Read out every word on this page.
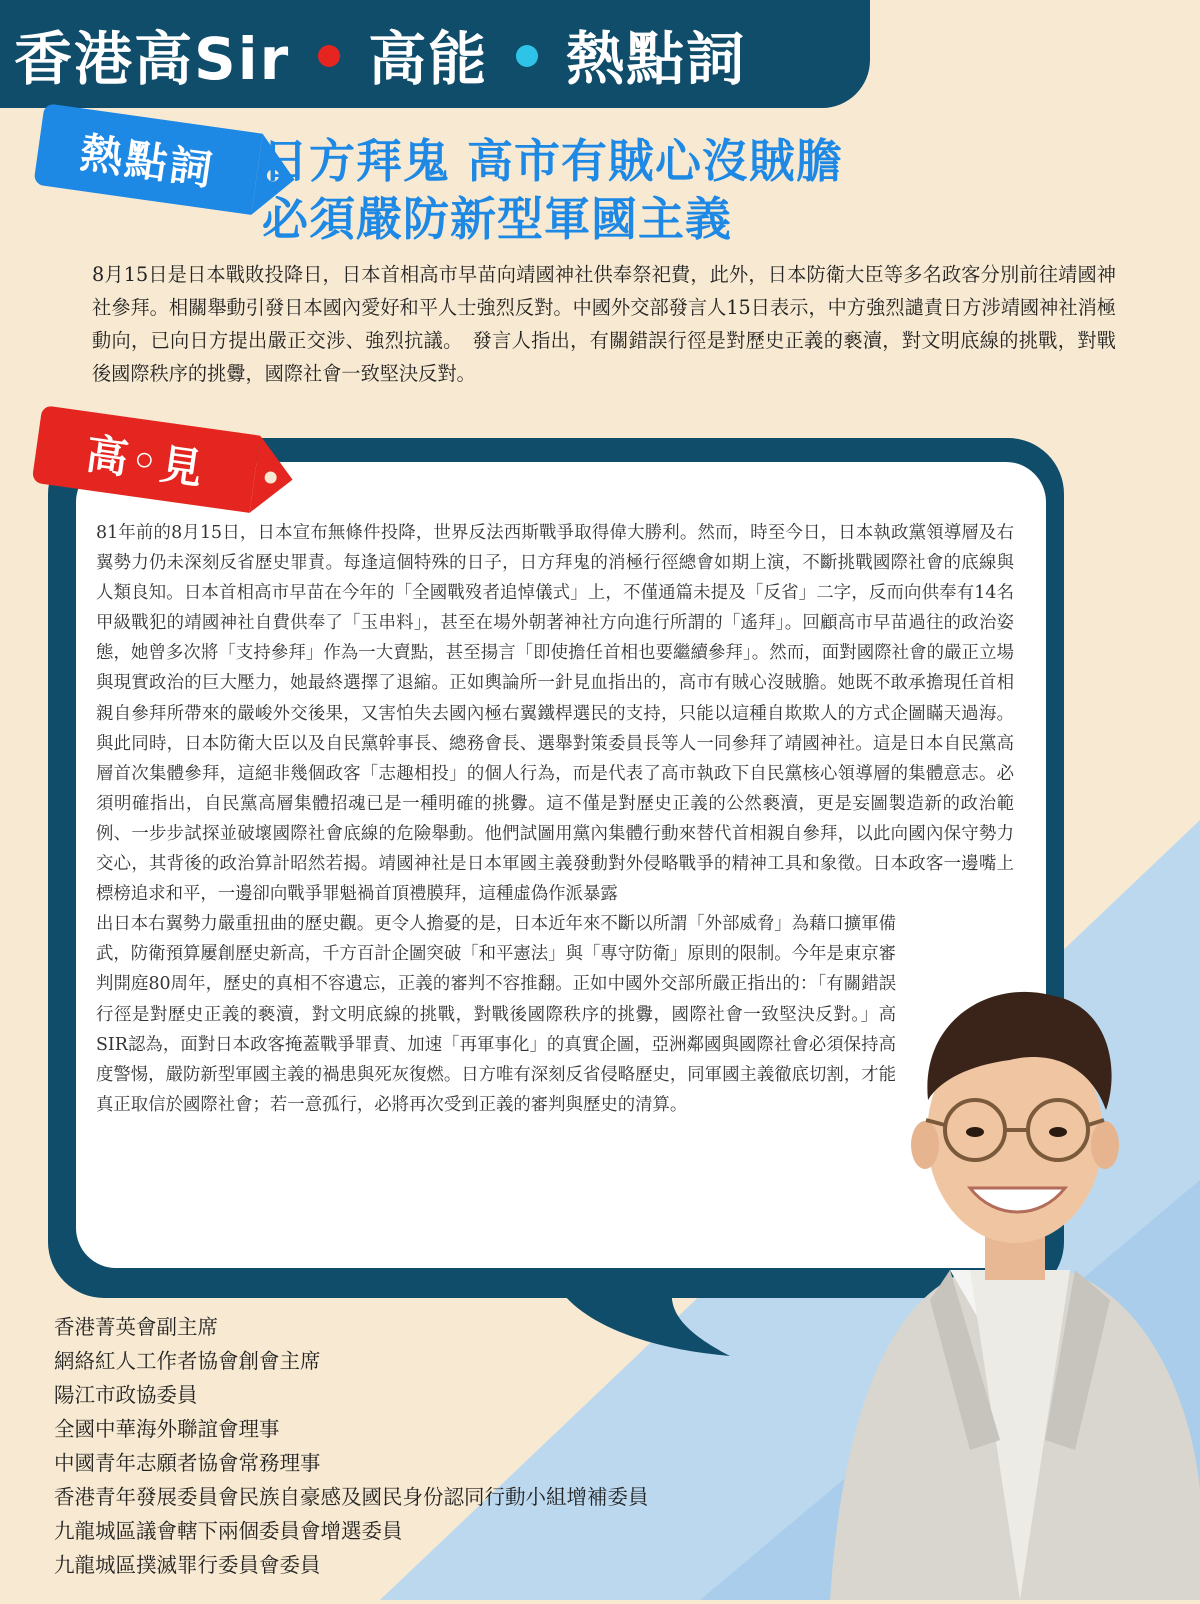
香港高Sir 高能 熱點詞
熱點詞 日方拜鬼 高市有賊心沒賊膽
必須嚴防新型軍國主義
8月15日是日本戰敗投降日，日本首相高市早苗向靖國神社供奉祭祀費，此外，日本防衛大臣等多名政客分別前往靖國神社參拜。相關舉動引發日本國內愛好和平人士強烈反對。中國外交部發言人15日表示，中方強烈譴責日方涉靖國神社消極動向，已向日方提出嚴正交涉、強烈抗議。　發言人指出，有關錯誤行徑是對歷史正義的褻瀆，對文明底線的挑戰，對戰後國際秩序的挑釁，國際社會一致堅決反對。
高◦見
81年前的8月15日，日本宣布無條件投降，世界反法西斯戰爭取得偉大勝利。然而，時至今日，日本執政黨領導層及右翼勢力仍未深刻反省歷史罪責。每逢這個特殊的日子，日方拜鬼的消極行徑總會如期上演，不斷挑戰國際社會的底線與人類良知。日本首相高市早苗在今年的「全國戰歿者追悼儀式」上，不僅通篇未提及「反省」二字，反而向供奉有14名甲級戰犯的靖國神社自費供奉了「玉串料」，甚至在場外朝著神社方向進行所謂的「遙拜」。回顧高市早苗過往的政治姿態，她曾多次將「支持參拜」作為一大賣點，甚至揚言「即使擔任首相也要繼續參拜」。然而，面對國際社會的嚴正立場與現實政治的巨大壓力，她最終選擇了退縮。正如輿論所一針見血指出的，高市有賊心沒賊膽。她既不敢承擔現任首相親自參拜所帶來的嚴峻外交後果，又害怕失去國內極右翼鐵桿選民的支持，只能以這種自欺欺人的方式企圖瞞天過海。與此同時，日本防衛大臣以及自民黨幹事長、總務會長、選舉對策委員長等人一同參拜了靖國神社。這是日本自民黨高層首次集體參拜，這絕非幾個政客「志趣相投」的個人行為，而是代表了高市執政下自民黨核心領導層的集體意志。必須明確指出，自民黨高層集體招魂已是一種明確的挑釁。這不僅是對歷史正義的公然褻瀆，更是妄圖製造新的政治範例、一步步試探並破壞國際社會底線的危險舉動。他們試圖用黨內集體行動來替代首相親自參拜，以此向國內保守勢力交心，其背後的政治算計昭然若揭。靖國神社是日本軍國主義發動對外侵略戰爭的精神工具和象徵。日本政客一邊嘴上標榜追求和平，一邊卻向戰爭罪魁禍首頂禮膜拜，這種虛偽作派暴露
出日本右翼勢力嚴重扭曲的歷史觀。更令人擔憂的是，日本近年來不斷以所謂「外部威脅」為藉口擴軍備武，防衛預算屢創歷史新高，千方百計企圖突破「和平憲法」與「專守防衛」原則的限制。今年是東京審判開庭80周年，歷史的真相不容遺忘，正義的審判不容推翻。正如中國外交部所嚴正指出的：「有關錯誤行徑是對歷史正義的褻瀆，對文明底線的挑戰，對戰後國際秩序的挑釁，國際社會一致堅決反對。」高SIR認為，面對日本政客掩蓋戰爭罪責、加速「再軍事化」的真實企圖，亞洲鄰國與國際社會必須保持高度警惕，嚴防新型軍國主義的禍患與死灰復燃。日方唯有深刻反省侵略歷史，同軍國主義徹底切割，才能真正取信於國際社會；若一意孤行，必將再次受到正義的審判與歷史的清算。
香港菁英會副主席
網絡紅人工作者協會創會主席
陽江市政協委員
全國中華海外聯誼會理事
中國青年志願者協會常務理事
香港青年發展委員會民族自豪感及國民身份認同行動小組增補委員
九龍城區議會轄下兩個委員會增選委員
九龍城區撲滅罪行委員會委員
